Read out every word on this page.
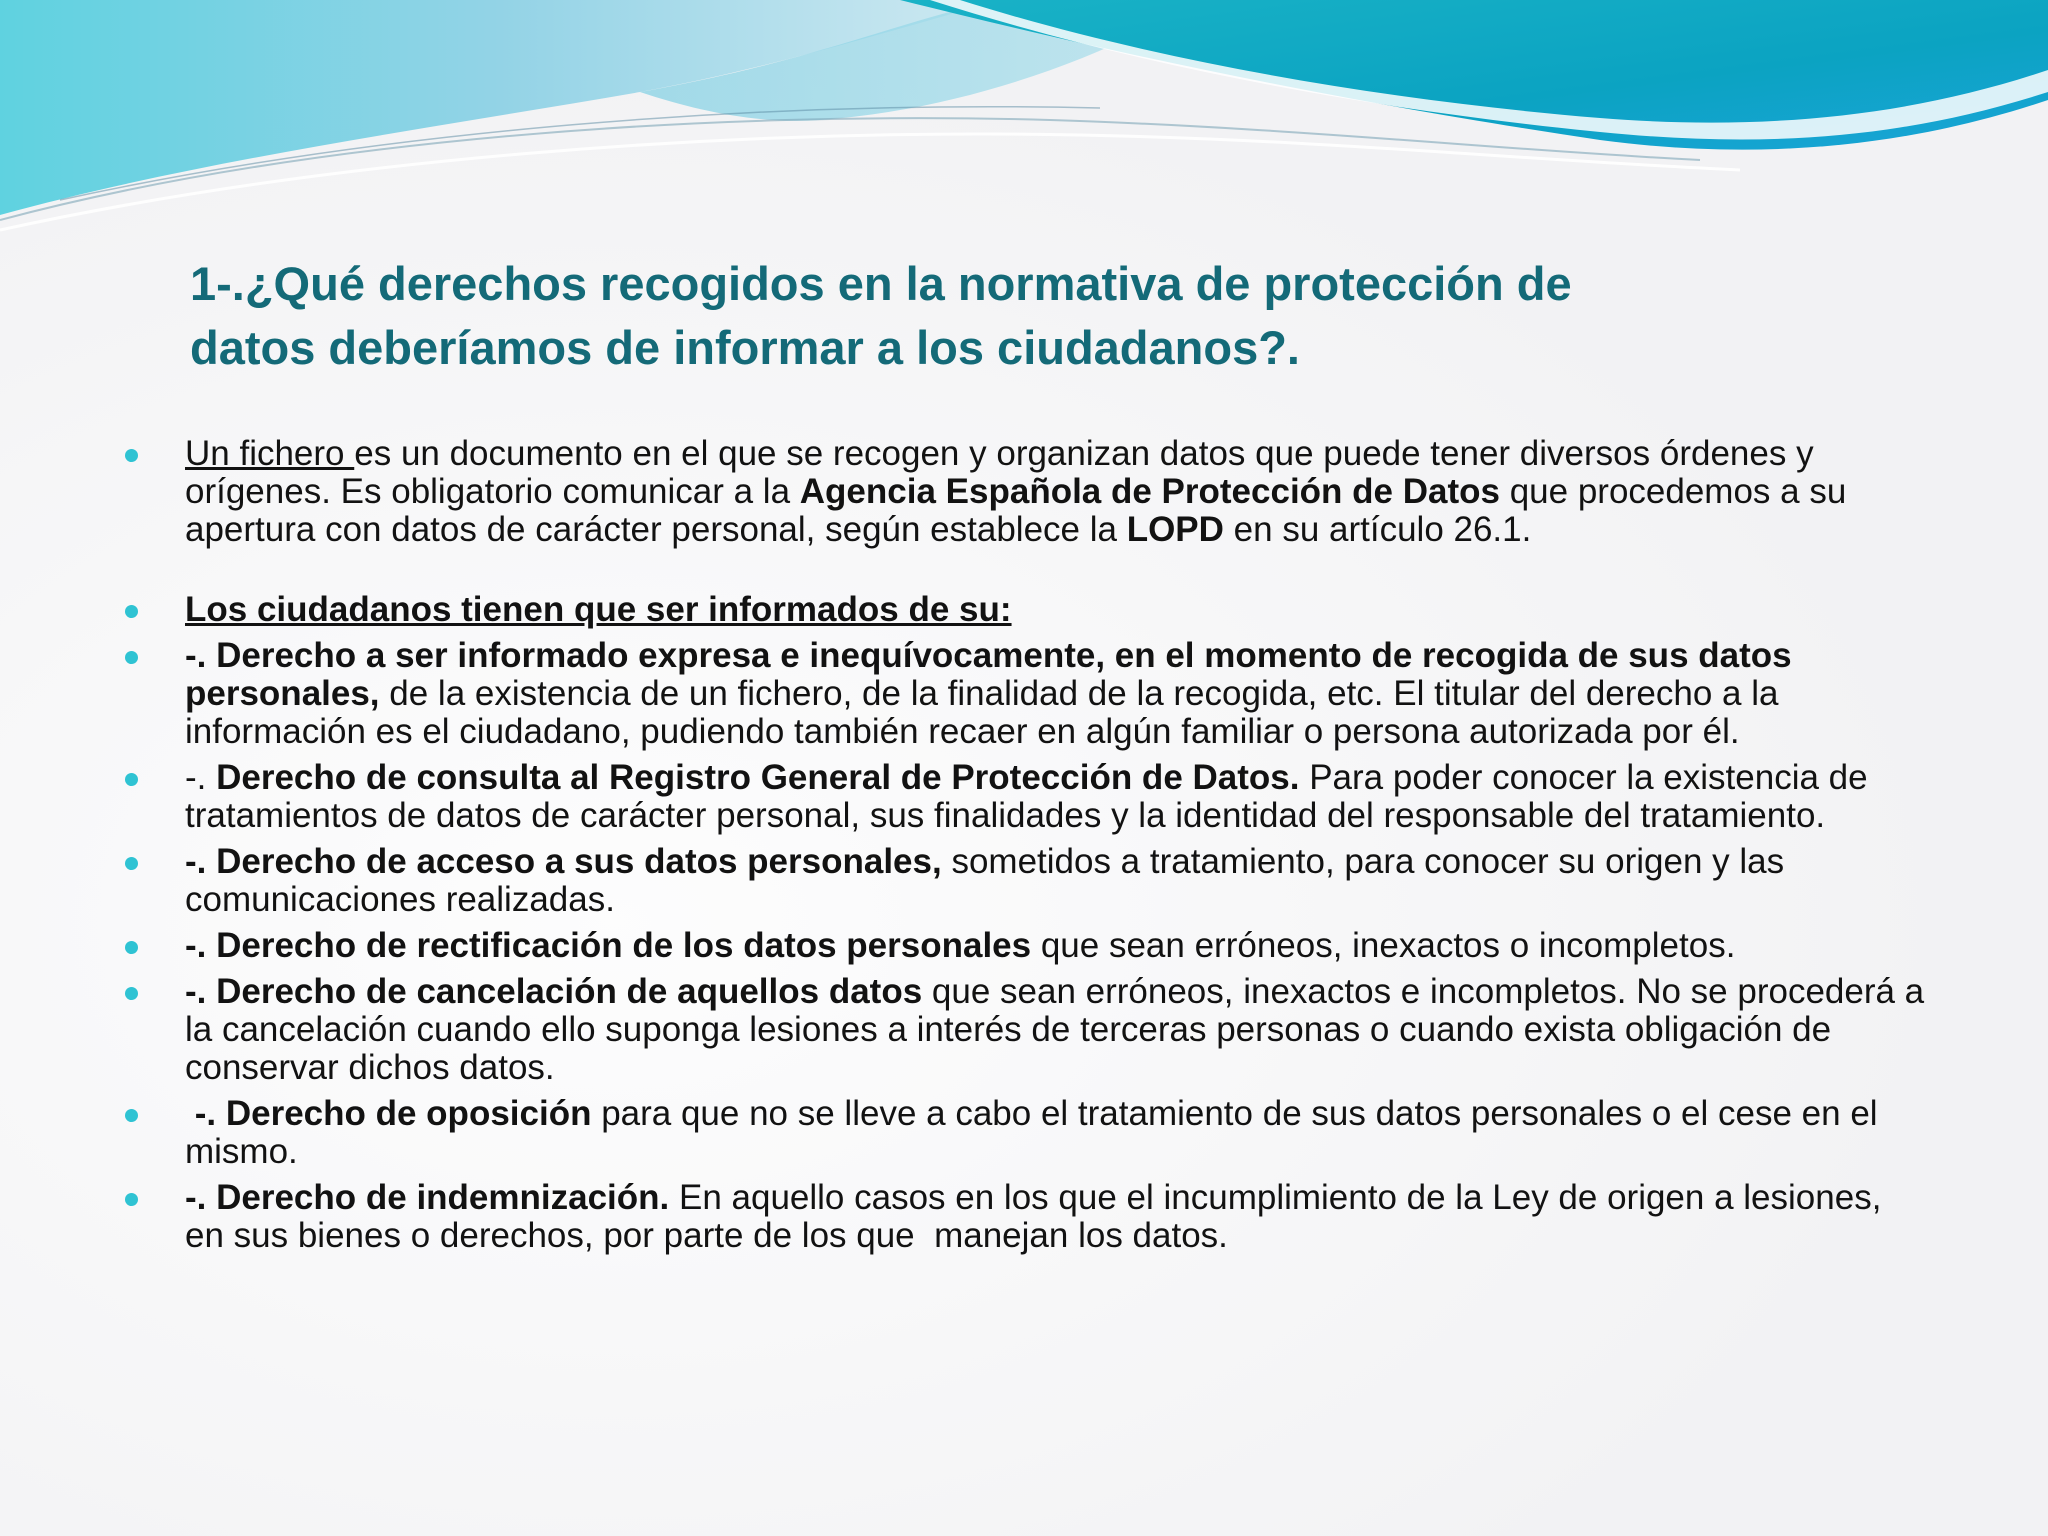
1-.¿Qué derechos recogidos en la normativa de protección de
datos deberíamos de informar a los ciudadanos?.
Un fichero es un documento en el que se recogen y organizan datos que puede tener diversos órdenes y orígenes. Es obligatorio comunicar a la Agencia Española de Protección de Datos que procedemos a su apertura con datos de carácter personal, según establece la LOPD en su artículo 26.1.
Los ciudadanos tienen que ser informados de su:
-. Derecho a ser informado expresa e inequívocamente, en el momento de recogida de sus datos personales, de la existencia de un fichero, de la finalidad de la recogida, etc. El titular del derecho a la información es el ciudadano, pudiendo también recaer en algún familiar o persona autorizada por él.
-. Derecho de consulta al Registro General de Protección de Datos. Para poder conocer la existencia de tratamientos de datos de carácter personal, sus finalidades y la identidad del responsable del tratamiento.
-. Derecho de acceso a sus datos personales, sometidos a tratamiento, para conocer su origen y las comunicaciones realizadas.
-. Derecho de rectificación de los datos personales que sean erróneos, inexactos o incompletos.
-. Derecho de cancelación de aquellos datos que sean erróneos, inexactos e incompletos. No se procederá a la cancelación cuando ello suponga lesiones a interés de terceras personas o cuando exista obligación de conservar dichos datos.
-. Derecho de oposición para que no se lleve a cabo el tratamiento de sus datos personales o el cese en el mismo.
-. Derecho de indemnización. En aquello casos en los que el incumplimiento de la Ley de origen a lesiones, en sus bienes o derechos, por parte de los que  manejan los datos.
